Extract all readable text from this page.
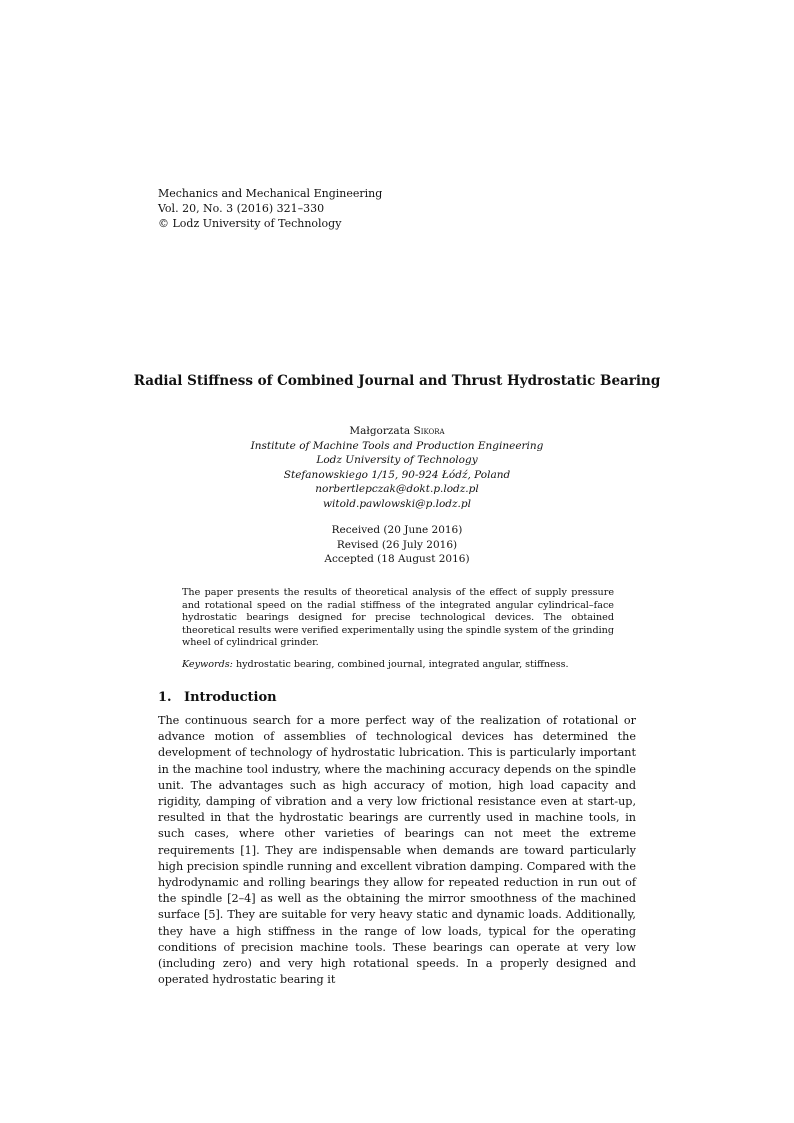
Mechanics and Mechanical Engineering
Vol. 20, No. 3 (2016) 321–330
© Lodz University of Technology
Radial Stiffness of Combined Journal and Thrust Hydrostatic Bearing
Małgorzata Sikora
Institute of Machine Tools and Production Engineering
Lodz University of Technology
Stefanowskiego 1/15, 90-924 Łódź, Poland
norbertlepczak@dokt.p.lodz.pl
witold.pawlowski@p.lodz.pl
Received (20 June 2016)
Revised (26 July 2016)
Accepted (18 August 2016)
The paper presents the results of theoretical analysis of the effect of supply pressure and rotational speed on the radial stiffness of the integrated angular cylindrical–face hydrostatic bearings designed for precise technological devices. The obtained theoretical results were verified experimentally using the spindle system of the grinding wheel of cylindrical grinder.
Keywords: hydrostatic bearing, combined journal, integrated angular, stiffness.
1. Introduction
The continuous search for a more perfect way of the realization of rotational or advance motion of assemblies of technological devices has determined the development of technology of hydrostatic lubrication. This is particularly important in the machine tool industry, where the machining accuracy depends on the spindle unit. The advantages such as high accuracy of motion, high load capacity and rigidity, damping of vibration and a very low frictional resistance even at start-up, resulted in that the hydrostatic bearings are currently used in machine tools, in such cases, where other varieties of bearings can not meet the extreme requirements [1]. They are indispensable when demands are toward particularly high precision spindle running and excellent vibration damping. Compared with the hydrodynamic and rolling bearings they allow for repeated reduction in run out of the spindle [2–4] as well as the obtaining the mirror smoothness of the machined surface [5]. They are suitable for very heavy static and dynamic loads. Additionally, they have a high stiffness in the range of low loads, typical for the operating conditions of precision machine tools. These bearings can operate at very low (including zero) and very high rotational speeds. In a properly designed and operated hydrostatic bearing it
